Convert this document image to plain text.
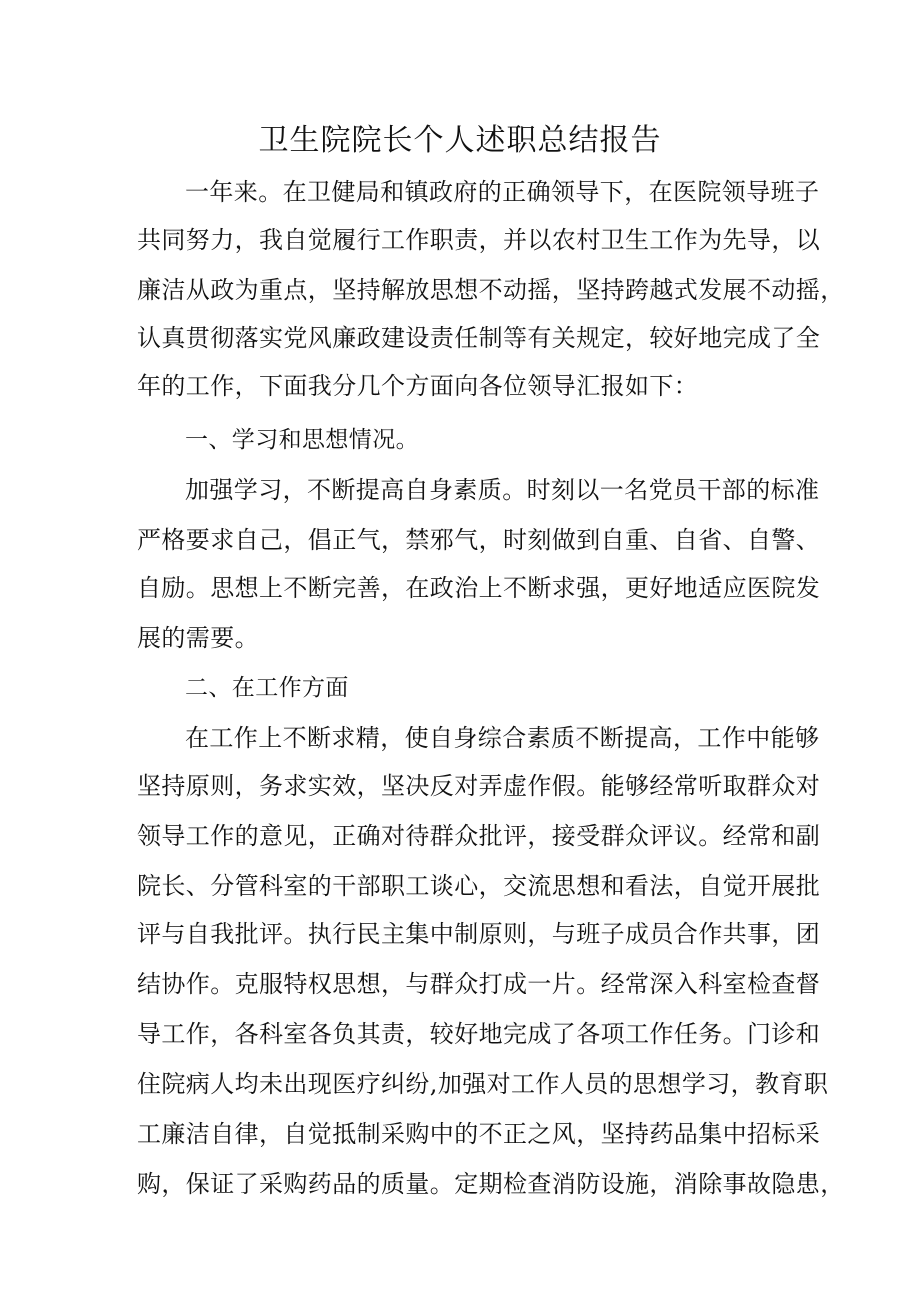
卫生院院长个人述职总结报告
一年来。在卫健局和镇政府的正确领导下，在医院领导班子
共同努力，我自觉履行工作职责，并以农村卫生工作为先导，以
廉洁从政为重点，坚持解放思想不动摇，坚持跨越式发展不动摇，
认真贯彻落实党风廉政建设责任制等有关规定，较好地完成了全
年的工作，下面我分几个方面向各位领导汇报如下：
一、学习和思想情况。
加强学习，不断提高自身素质。时刻以一名党员干部的标准
严格要求自己，倡正气，禁邪气，时刻做到自重、自省、自警、
自励。思想上不断完善，在政治上不断求强，更好地适应医院发
展的需要。
二、在工作方面
在工作上不断求精，使自身综合素质不断提高，工作中能够
坚持原则，务求实效，坚决反对弄虚作假。能够经常听取群众对
领导工作的意见，正确对待群众批评，接受群众评议。经常和副
院长、分管科室的干部职工谈心，交流思想和看法，自觉开展批
评与自我批评。执行民主集中制原则，与班子成员合作共事，团
结协作。克服特权思想，与群众打成一片。经常深入科室检查督
导工作，各科室各负其责，较好地完成了各项工作任务。门诊和
住院病人均未出现医疗纠纷,加强对工作人员的思想学习，教育职
工廉洁自律，自觉抵制采购中的不正之风，坚持药品集中招标采
购，保证了采购药品的质量。定期检查消防设施，消除事故隐患，
